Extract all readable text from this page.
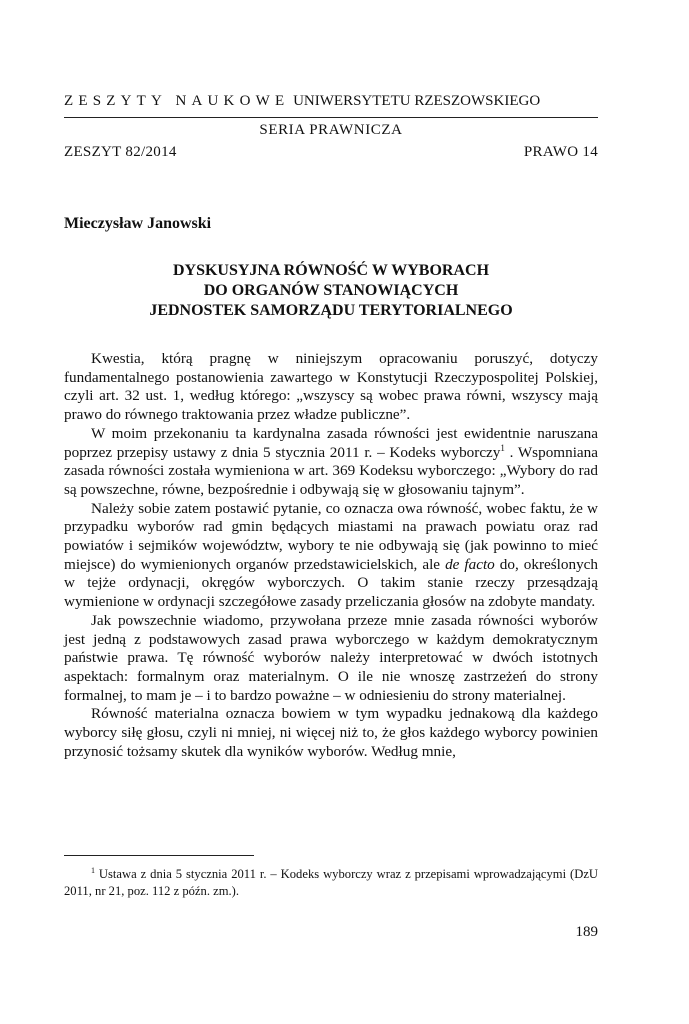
ZESZYTY NAUKOWE UNIWERSYTETU RZESZOWSKIEGO
SERIA PRAWNICZA
ZESZYT 82/2014	PRAWO 14
Mieczysław Janowski
DYSKUSYJNA RÓWNOŚĆ W WYBORACH
DO ORGANÓW STANOWIĄCYCH
JEDNOSTEK SAMORZĄDU TERYTORIALNEGO

Kwestia, którą pragnę w niniejszym opracowaniu poruszyć, dotyczy fundamentalnego postanowienia zawartego w Konstytucji Rzeczypospolitej Polskiej, czyli art. 32 ust. 1, według którego: „wszyscy są wobec prawa równi, wszyscy mają prawo do równego traktowania przez władze publiczne”.

W moim przekonaniu ta kardynalna zasada równości jest ewidentnie naruszana poprzez przepisy ustawy z dnia 5 stycznia 2011 r. – Kodeks wyborczy$^1$ . Wspomniana zasada równości została wymieniona w art. 369 Kodeksu wyborczego: „Wybory do rad są powszechne, równe, bezpośrednie i odbywają się w głosowaniu tajnym”.

Należy sobie zatem postawić pytanie, co oznacza owa równość, wobec faktu, że w przypadku wyborów rad gmin będących miastami na prawach powiatu oraz rad powiatów i sejmików województw, wybory te nie odbywają się (jak powinno to mieć miejsce) do wymienionych organów przedstawicielskich, ale de facto do, określonych w tejże ordynacji, okręgów wyborczych. O takim stanie rzeczy przesądzają wymienione w ordynacji szczegółowe zasady przeliczania głosów na zdobyte mandaty.

Jak powszechnie wiadomo, przywołana przeze mnie zasada równości wyborów jest jedną z podstawowych zasad prawa wyborczego w każdym demokratycznym państwie prawa. Tę równość wyborów należy interpretować w dwóch istotnych aspektach: formalnym oraz materialnym. O ile nie wnoszę zastrzeżeń do strony formalnej, to mam je – i to bardzo poważne – w odniesieniu do strony materialnej.

Równość materialna oznacza bowiem w tym wypadku jednakową dla każdego wyborcy siłę głosu, czyli ni mniej, ni więcej niż to, że głos każdego wyborcy powinien przynosić tożsamy skutek dla wyników wyborów. Według mnie,

$^1$ Ustawa z dnia 5 stycznia 2011 r. – Kodeks wyborczy wraz z przepisami wprowadzającymi (DzU 2011, nr 21, poz. 112 z późn. zm.).
189
